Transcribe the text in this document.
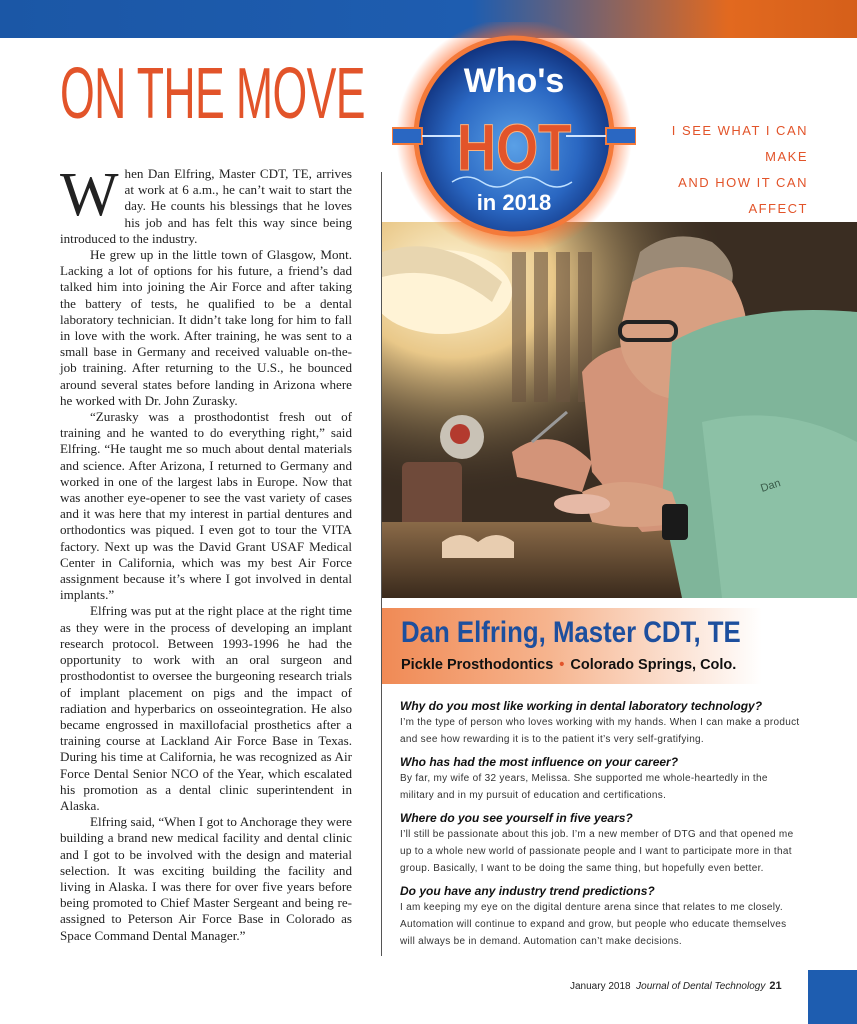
ON THE MOVE

When Dan Elfring, Master CDT, TE, arrives at work at 6 a.m., he can’t wait to start the day. He counts his blessings that he loves his job and has felt this way since being introduced to the industry.

He grew up in the little town of Glasgow, Mont. Lacking a lot of options for his future, a friend’s dad talked him into joining the Air Force and after taking the battery of tests, he qualified to be a dental laboratory technician. It didn’t take long for him to fall in love with the work. After training, he was sent to a small base in Germany and received valuable on-the-job training. After returning to the U.S., he bounced around several states before landing in Arizona where he worked with Dr. John Zurasky.

“Zurasky was a prosthodontist fresh out of training and he wanted to do everything right,” said Elfring. “He taught me so much about dental materials and science. After Arizona, I returned to Germany and worked in one of the largest labs in Europe. Now that was another eye-opener to see the vast variety of cases and it was here that my interest in partial dentures and orthodontics was piqued. I even got to tour the VITA factory. Next up was the David Grant USAF Medical Center in California, which was my best Air Force assignment because it’s where I got involved in dental implants.”

Elfring was put at the right place at the right time as they were in the process of developing an implant research protocol. Between 1993-1996 he had the opportunity to work with an oral surgeon and prosthodontist to oversee the burgeoning research trials of implant placement on pigs and the impact of radiation and hyperbarics on osseointegration. He also became engrossed in maxillofacial prosthetics after a training course at Lackland Air Force Base in Texas. During his time at California, he was recognized as Air Force Dental Senior NCO of the Year, which escalated his promotion as a dental clinic superintendent in Alaska.

Elfring said, “When I got to Anchorage they were building a brand new medical facility and dental clinic and I got to be involved with the design and material selection. It was exciting building the facility and living in Alaska. I was there for over five years before being promoted to Chief Master Sergeant and being re-assigned to Peterson Air Force Base in Colorado as Space Command Dental Manager.”

I SEE WHAT I CAN MAKE
AND HOW IT CAN AFFECT
Dan
Who's
HOT
in 2018
Dan Elfring, Master CDT, TE
Pickle Prosthodontics • Colorado Springs, Colo.
Why do you most like working in dental laboratory technology?
I’m the type of person who loves working with my hands. When I can make a product and see how rewarding it is to the patient it’s very self-gratifying.
Who has had the most influence on your career?
By far, my wife of 32 years, Melissa. She supported me whole-heartedly in the military and in my pursuit of education and certifications.
Where do you see yourself in five years?
I’ll still be passionate about this job. I’m a new member of DTG and that opened me up to a whole new world of passionate people and I want to participate more in that group. Basically, I want to be doing the same thing, but hopefully even better.
Do you have any industry trend predictions?
I am keeping my eye on the digital denture arena since that relates to me closely. Automation will continue to expand and grow, but people who educate themselves will always be in demand. Automation can’t make decisions.
January 2018 Journal of Dental Technology 21
